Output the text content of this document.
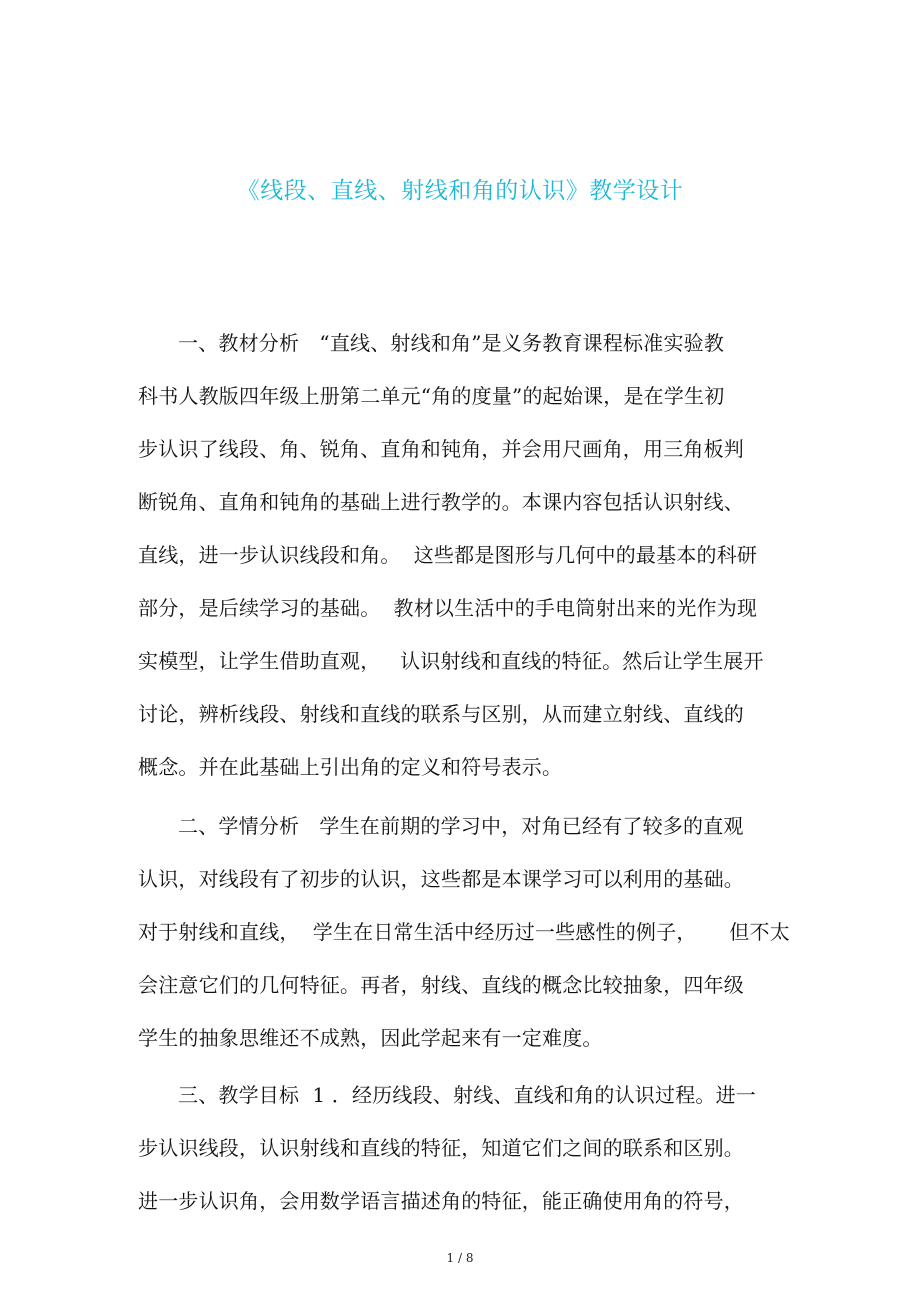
《线段、直线、射线和角的认识》教学设计
一、教材分析　“直线、射线和角”是义务教育课程标准实验教
科书人教版四年级上册第二单元“角的度量”的起始课，是在学生初
步认识了线段、角、锐角、直角和钝角，并会用尺画角，用三角板判
断锐角、直角和钝角的基础上进行教学的。本课内容包括认识射线、
直线，进一步认识线段和角。  这些都是图形与几何中的最基本的科研
部分，是后续学习的基础。  教材以生活中的手电筒射出来的光作为现
实模型，让学生借助直观，   认识射线和直线的特征。然后让学生展开
讨论，辨析线段、射线和直线的联系与区别，从而建立射线、直线的
概念。并在此基础上引出角的定义和符号表示。
二、学情分析　学生在前期的学习中，对角已经有了较多的直观
认识，对线段有了初步的认识，这些都是本课学习可以利用的基础。
对于射线和直线，  学生在日常生活中经历过一些感性的例子，     但不太
会注意它们的几何特征。再者，射线、直线的概念比较抽象，四年级
学生的抽象思维还不成熟，因此学起来有一定难度。
三、教学目标  1 ．经历线段、射线、直线和角的认识过程。进一
步认识线段，认识射线和直线的特征，知道它们之间的联系和区别。
进一步认识角，会用数学语言描述角的特征，能正确使用角的符号，
1 / 8
